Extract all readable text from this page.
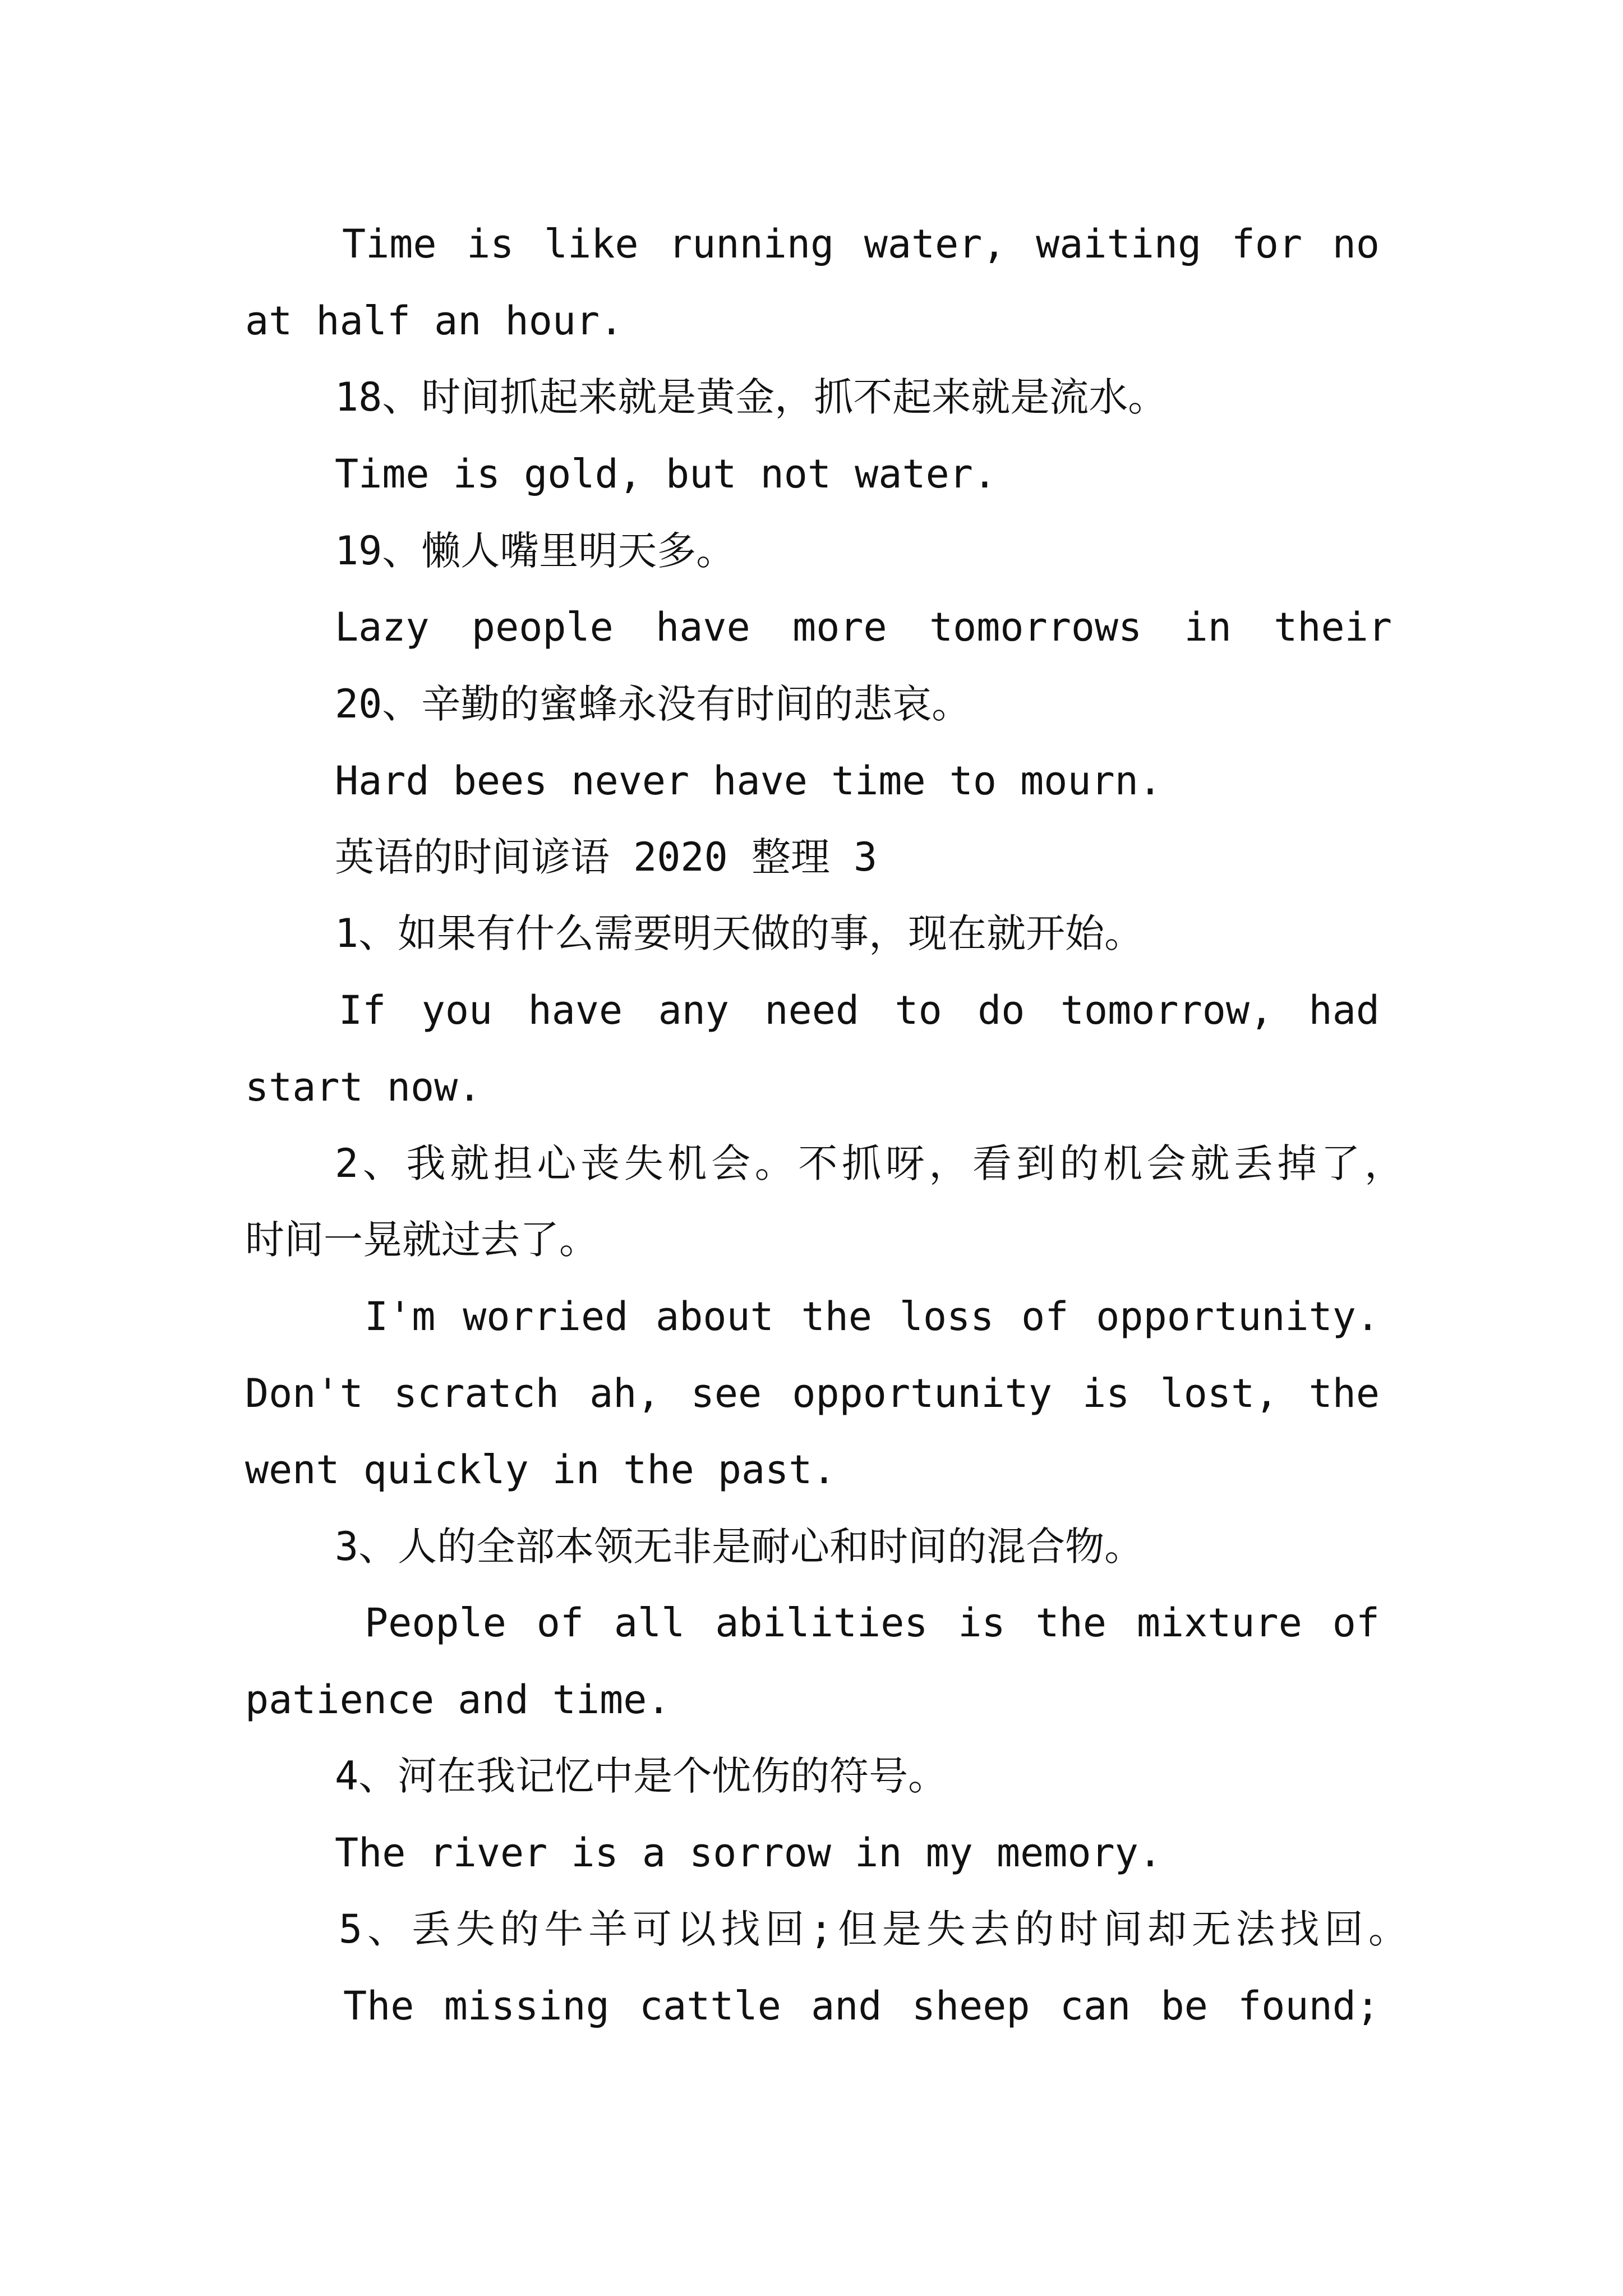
Time is like running water, waiting for no
at half an hour.
18、时间抓起来就是黄金，抓不起来就是流水。
Time is gold, but not water.
19、懒人嘴里明天多。
Lazy people have more tomorrows in their
20、辛勤的蜜蜂永没有时间的悲哀。
Hard bees never have time to mourn.
英语的时间谚语 2020 整理 3
1、如果有什么需要明天做的事，现在就开始。
If you have any need to do tomorrow, had
start now.
2、我就担心丧失机会。不抓呀，看到的机会就丢掉了，
时间一晃就过去了。
I'm worried about the loss of opportunity.
Don't scratch ah, see opportunity is lost, the
went quickly in the past.
3、人的全部本领无非是耐心和时间的混合物。
People of all abilities is the mixture of
patience and time.
4、河在我记忆中是个忧伤的符号。
The river is a sorrow in my memory.
5、丢失的牛羊可以找回;但是失去的时间却无法找回。
The missing cattle and sheep can be found;
